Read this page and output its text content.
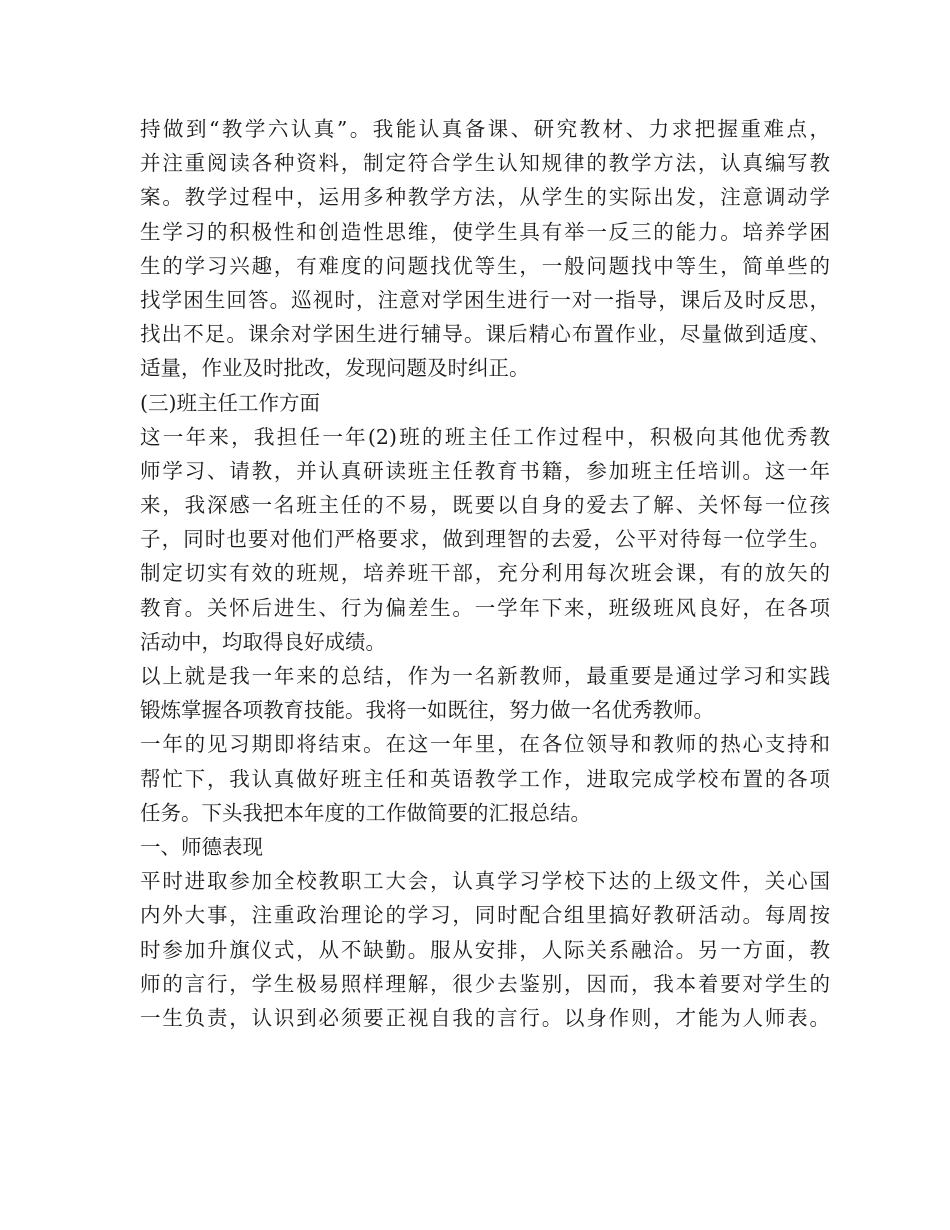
持做到“教学六认真”。我能认真备课、研究教材、力求把握重难点，
并注重阅读各种资料，制定符合学生认知规律的教学方法，认真编写教
案。教学过程中，运用多种教学方法，从学生的实际出发，注意调动学
生学习的积极性和创造性思维，使学生具有举一反三的能力。培养学困
生的学习兴趣，有难度的问题找优等生，一般问题找中等生，简单些的
找学困生回答。巡视时，注意对学困生进行一对一指导，课后及时反思，
找出不足。课余对学困生进行辅导。课后精心布置作业，尽量做到适度、
适量，作业及时批改，发现问题及时纠正。
(三)班主任工作方面
这一年来，我担任一年(2)班的班主任工作过程中，积极向其他优秀教
师学习、请教，并认真研读班主任教育书籍，参加班主任培训。这一年
来，我深感一名班主任的不易，既要以自身的爱去了解、关怀每一位孩
子，同时也要对他们严格要求，做到理智的去爱，公平对待每一位学生。
制定切实有效的班规，培养班干部，充分利用每次班会课，有的放矢的
教育。关怀后进生、行为偏差生。一学年下来，班级班风良好，在各项
活动中，均取得良好成绩。
以上就是我一年来的总结，作为一名新教师，最重要是通过学习和实践
锻炼掌握各项教育技能。我将一如既往，努力做一名优秀教师。
一年的见习期即将结束。在这一年里，在各位领导和教师的热心支持和
帮忙下，我认真做好班主任和英语教学工作，进取完成学校布置的各项
任务。下头我把本年度的工作做简要的汇报总结。
一、师德表现
平时进取参加全校教职工大会，认真学习学校下达的上级文件，关心国
内外大事，注重政治理论的学习，同时配合组里搞好教研活动。每周按
时参加升旗仪式，从不缺勤。服从安排，人际关系融洽。另一方面，教
师的言行，学生极易照样理解，很少去鉴别，因而，我本着要对学生的
一生负责，认识到必须要正视自我的言行。以身作则，才能为人师表。
